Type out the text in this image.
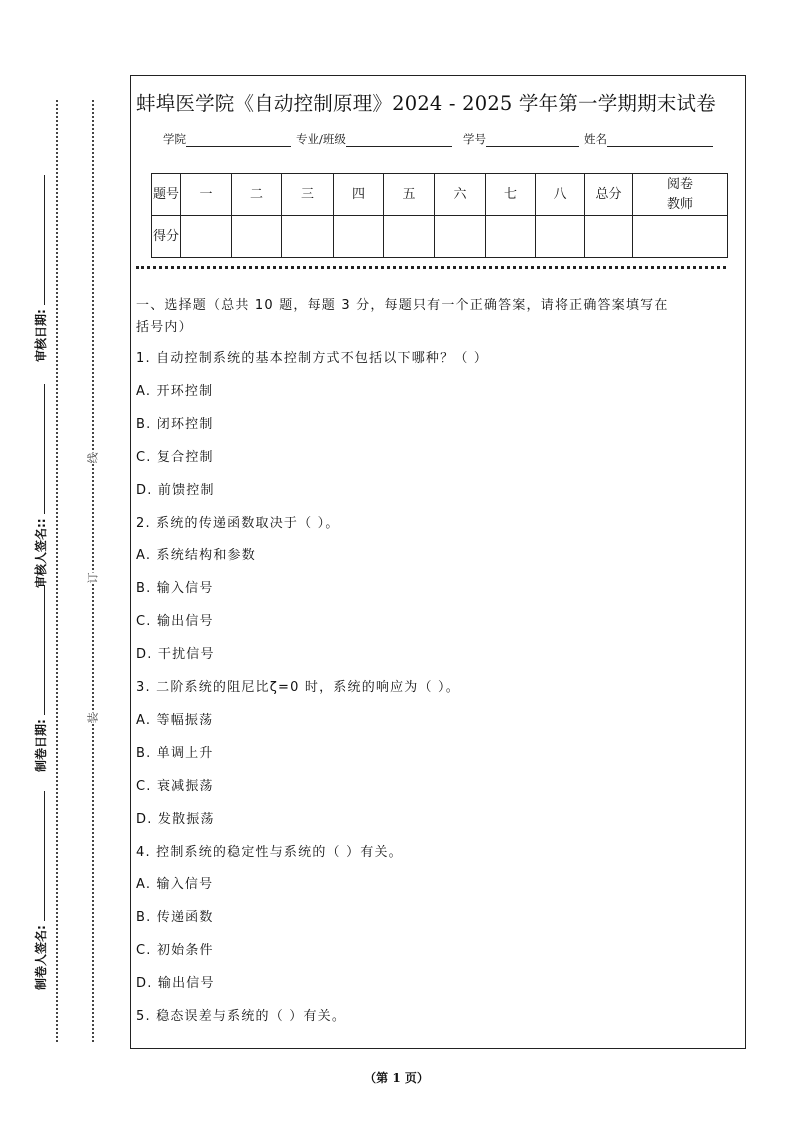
线
订
装
审核日期:
审核人签名::
制卷日期:
制卷人签名:
蚌埠医学院《自动控制原理》2024 - 2025 学年第一学期期末试卷
学院	专业/班级	学号	姓名
题号	一	二	三	四	五	六	七	八	总分	阅卷教师
得分										
一、选择题（总共 10 题，每题 3 分，每题只有一个正确答案，请将正确答案填写在
括号内）
1. 自动控制系统的基本控制方式不包括以下哪种？（ ）
A. 开环控制
B. 闭环控制
C. 复合控制
D. 前馈控制
2. 系统的传递函数取决于（ ）。
A. 系统结构和参数
B. 输入信号
C. 输出信号
D. 干扰信号
3. 二阶系统的阻尼比ζ=0 时，系统的响应为（ ）。
A. 等幅振荡
B. 单调上升
C. 衰减振荡
D. 发散振荡
4. 控制系统的稳定性与系统的（ ）有关。
A. 输入信号
B. 传递函数
C. 初始条件
D. 输出信号
5. 稳态误差与系统的（ ）有关。
（第 1 页）
